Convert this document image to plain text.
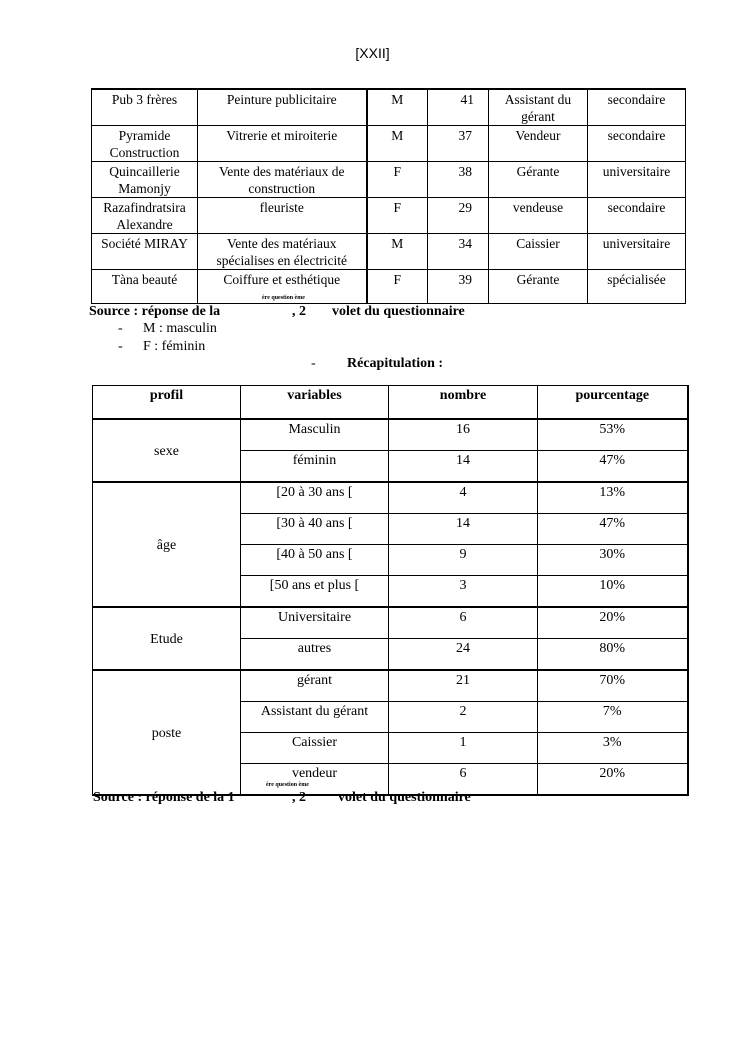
[XXII]
Pub 3 frères	Peinture publicitaire	M	41	Assistant du gérant	secondaire
Pyramide Construction	Vitrerie et miroiterie	M	37	Vendeur	secondaire
Quincaillerie Mamonjy	Vente des matériaux de construction	F	38	Gérante	universitaire
Razafindratsira Alexandre	fleuriste	F	29	vendeuse	secondaire
Société MIRAY	Vente des matériaux spécialises en électricité	M	34	Caissier	universitaire
Tàna beauté	Coiffure et esthétique	F	39	Gérante	spécialisée
Source : réponse de la	, 2 volet du questionnaire
ère question ème
- M : masculin
- F : féminin
- Récapitulation :
profil	variables	nombre	pourcentage
sexe	Masculin	16	53%
	féminin	14	47%
âge	[20 à 30 ans [	4	13%
	[30 à 40 ans [	14	47%
	[40 à 50 ans [	9	30%
	[50 ans et plus [	3	10%
Etude	Universitaire	6	20%
	autres	24	80%
poste	gérant	21	70%
	Assistant du gérant	2	7%
	Caissier	1	3%
	vendeur	6	20%
Source : réponse de la 1	, 2 volet du questionnaire
ère question ème
